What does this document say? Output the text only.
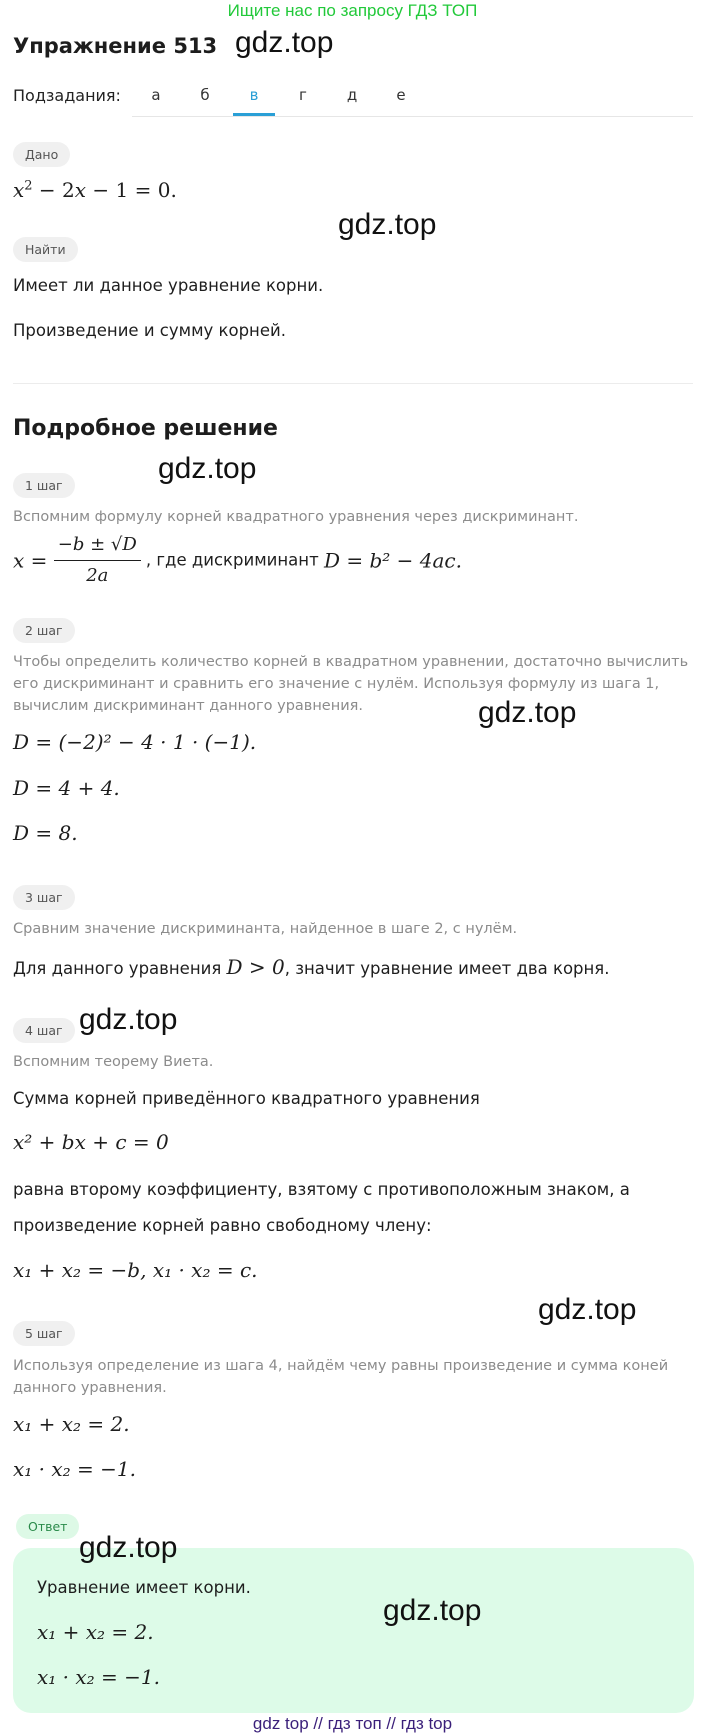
Ищите нас по запросу ГДЗ ТОП
Упражнение 513 gdz.top
Подзадания:	а	б	в	г	д	е
Дано
$x^2 - 2x - 1 = 0$.
Найти
gdz.top
Имеет ли данное уравнение корни.
Произведение и сумму корней.
Подробное решение
1 шаг
gdz.top
Вспомним формулу корней квадратного уравнения через дискриминант.
$x = \frac{-b \pm √D}{2a}$ , где дискриминант D = b² − 4ac.
2 шаг
Чтобы определить количество корней в квадратном уравнении, достаточно вычислить
его дискриминант и сравнить его значение с нулём. Используя формулу из шага 1,
вычислим дискриминант данного уравнения.	gdz.top
D = (−2)² − 4 · 1 · (−1).
D = 4 + 4.
D = 8.
3 шаг
Сравним значение дискриминанта, найденное в шаге 2, с нулём.
Для данного уравнения D > 0, значит уравнение имеет два корня.
4 шаг gdz.top
Вспомним теорему Виета.
Сумма корней приведённого квадратного уравнения
x² + bx + c = 0
равна второму коэффициенту, взятому с противоположным знаком, а
произведение корней равно свободному члену:
x₁ + x₂ = −b, x₁ · x₂ = c.
gdz.top
5 шаг
Используя определение из шага 4, найдём чему равны произведение и сумма коней
данного уравнения.
x₁ + x₂ = 2.
x₁ · x₂ = −1.
Ответ
gdz.top
gdz.top
Уравнение имеет корни.
x₁ + x₂ = 2.
x₁ · x₂ = −1.
gdz top // гдз топ // гдз top
